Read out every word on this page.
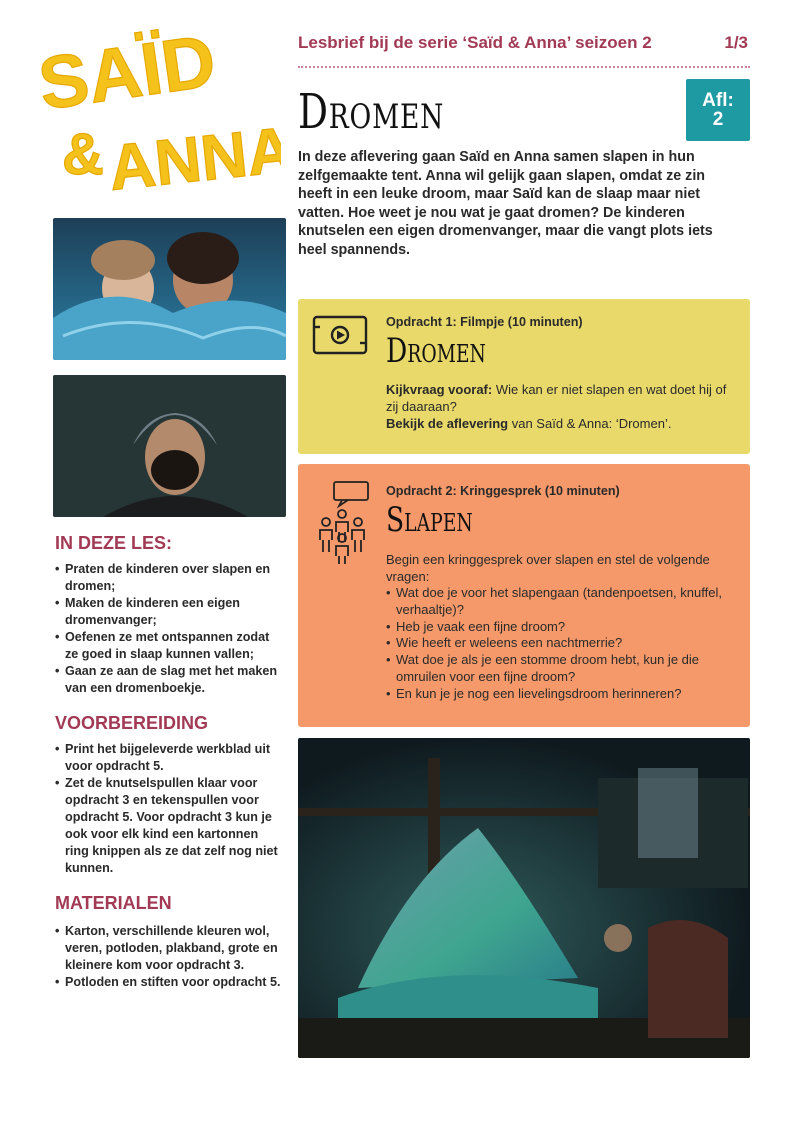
SAÏD
& ANNA
Lesbrief bij de serie ‘Saïd & Anna’ seizoen 2	1/3
Afl:
2
Dromen
In deze aflevering gaan Saïd en Anna samen slapen in hun zelfgemaakte tent. Anna wil gelijk gaan slapen, omdat ze zin heeft in een leuke droom, maar Saïd kan de slaap maar niet vatten. Hoe weet je nou wat je gaat dromen? De kinderen knutselen een eigen dromenvanger, maar die vangt plots iets heel spannends.
IN DEZE LES:
• Praten de kinderen over slapen en dromen;
• Maken de kinderen een eigen dromenvanger;
• Oefenen ze met ontspannen zodat ze goed in slaap kunnen vallen;
• Gaan ze aan de slag met het maken van een dromenboekje.
VOORBEREIDING
• Print het bijgeleverde werkblad uit voor opdracht 5.
• Zet de knutselspullen klaar voor opdracht 3 en tekenspullen voor opdracht 5. Voor opdracht 3 kun je ook voor elk kind een kartonnen ring knippen als ze dat zelf nog niet kunnen.
MATERIALEN
• Karton, verschillende kleuren wol, veren, potloden, plakband, grote en kleinere kom voor opdracht 3.
• Potloden en stiften voor opdracht 5.
Opdracht 1: Filmpje (10 minuten)
Dromen
Kijkvraag vooraf: Wie kan er niet slapen en wat doet hij of zij daaraan?
Bekijk de aflevering van Saïd & Anna: ‘Dromen’.
Opdracht 2: Kringgesprek (10 minuten)
Slapen
Begin een kringgesprek over slapen en stel de volgende vragen:
• Wat doe je voor het slapengaan (tandenpoetsen, knuffel, verhaaltje)?
• Heb je vaak een fijne droom?
• Wie heeft er weleens een nachtmerrie?
• Wat doe je als je een stomme droom hebt, kun je die omruilen voor een fijne droom?
• En kun je je nog een lievelingsdroom herinneren?
